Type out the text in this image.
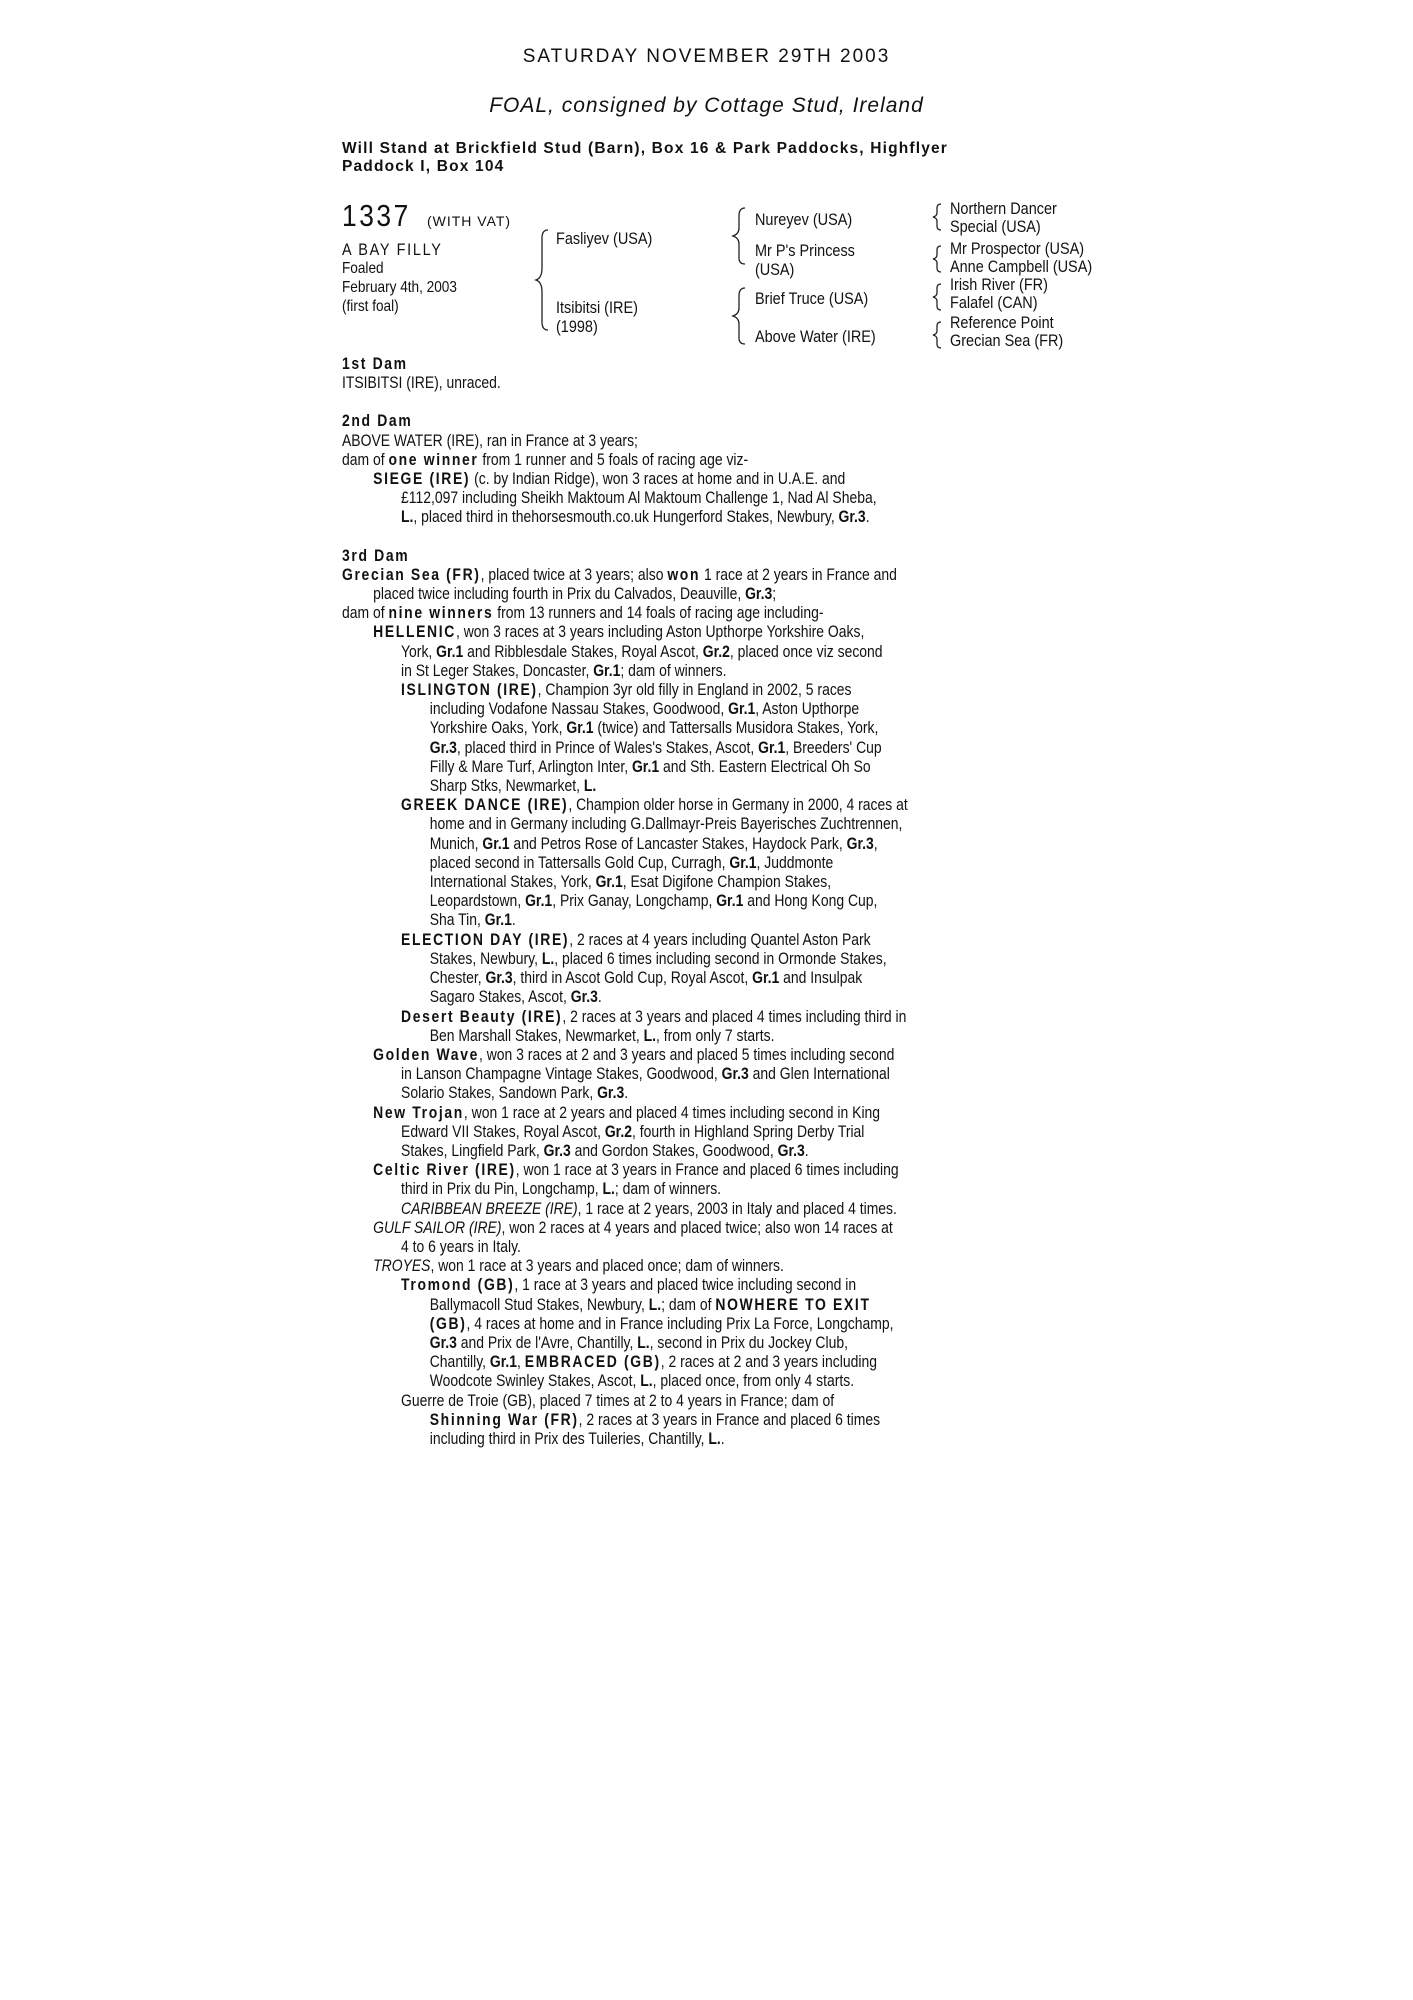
SATURDAY NOVEMBER 29TH 2003
FOAL, consigned by Cottage Stud, Ireland
Will Stand at Brickfield Stud (Barn), Box 16 & Park Paddocks, Highflyer
Paddock I, Box 104
1337 (WITH VAT)
A BAY FILLY
Foaled
February 4th, 2003
(first foal)
Fasliyev (USA)
Itsibitsi (IRE)
(1998)
Nureyev (USA)
Mr P's Princess
(USA)
Brief Truce (USA)
Above Water (IRE)
Northern Dancer
Special (USA)
Mr Prospector (USA)
Anne Campbell (USA)
Irish River (FR)
Falafel (CAN)
Reference Point
Grecian Sea (FR)
1st Dam
ITSIBITSI (IRE), unraced.
2nd Dam
ABOVE WATER (IRE), ran in France at 3 years;
dam of one winner from 1 runner and 5 foals of racing age viz-
SIEGE (IRE) (c. by Indian Ridge), won 3 races at home and in U.A.E. and
£112,097 including Sheikh Maktoum Al Maktoum Challenge 1, Nad Al Sheba,
L., placed third in thehorsesmouth.co.uk Hungerford Stakes, Newbury, Gr.3.
3rd Dam
Grecian Sea (FR), placed twice at 3 years; also won 1 race at 2 years in France and
placed twice including fourth in Prix du Calvados, Deauville, Gr.3;
dam of nine winners from 13 runners and 14 foals of racing age including-
HELLENIC, won 3 races at 3 years including Aston Upthorpe Yorkshire Oaks,
York, Gr.1 and Ribblesdale Stakes, Royal Ascot, Gr.2, placed once viz second
in St Leger Stakes, Doncaster, Gr.1; dam of winners.
ISLINGTON (IRE), Champion 3yr old filly in England in 2002, 5 races
including Vodafone Nassau Stakes, Goodwood, Gr.1, Aston Upthorpe
Yorkshire Oaks, York, Gr.1 (twice) and Tattersalls Musidora Stakes, York,
Gr.3, placed third in Prince of Wales's Stakes, Ascot, Gr.1, Breeders' Cup
Filly & Mare Turf, Arlington Inter, Gr.1 and Sth. Eastern Electrical Oh So
Sharp Stks, Newmarket, L.
GREEK DANCE (IRE), Champion older horse in Germany in 2000, 4 races at
home and in Germany including G.Dallmayr-Preis Bayerisches Zuchtrennen,
Munich, Gr.1 and Petros Rose of Lancaster Stakes, Haydock Park, Gr.3,
placed second in Tattersalls Gold Cup, Curragh, Gr.1, Juddmonte
International Stakes, York, Gr.1, Esat Digifone Champion Stakes,
Leopardstown, Gr.1, Prix Ganay, Longchamp, Gr.1 and Hong Kong Cup,
Sha Tin, Gr.1.
ELECTION DAY (IRE), 2 races at 4 years including Quantel Aston Park
Stakes, Newbury, L., placed 6 times including second in Ormonde Stakes,
Chester, Gr.3, third in Ascot Gold Cup, Royal Ascot, Gr.1 and Insulpak
Sagaro Stakes, Ascot, Gr.3.
Desert Beauty (IRE), 2 races at 3 years and placed 4 times including third in
Ben Marshall Stakes, Newmarket, L., from only 7 starts.
Golden Wave, won 3 races at 2 and 3 years and placed 5 times including second
in Lanson Champagne Vintage Stakes, Goodwood, Gr.3 and Glen International
Solario Stakes, Sandown Park, Gr.3.
New Trojan, won 1 race at 2 years and placed 4 times including second in King
Edward VII Stakes, Royal Ascot, Gr.2, fourth in Highland Spring Derby Trial
Stakes, Lingfield Park, Gr.3 and Gordon Stakes, Goodwood, Gr.3.
Celtic River (IRE), won 1 race at 3 years in France and placed 6 times including
third in Prix du Pin, Longchamp, L.; dam of winners.
CARIBBEAN BREEZE (IRE), 1 race at 2 years, 2003 in Italy and placed 4 times.
GULF SAILOR (IRE), won 2 races at 4 years and placed twice; also won 14 races at
4 to 6 years in Italy.
TROYES, won 1 race at 3 years and placed once; dam of winners.
Tromond (GB), 1 race at 3 years and placed twice including second in
Ballymacoll Stud Stakes, Newbury, L.; dam of NOWHERE TO EXIT
(GB), 4 races at home and in France including Prix La Force, Longchamp,
Gr.3 and Prix de l'Avre, Chantilly, L., second in Prix du Jockey Club,
Chantilly, Gr.1, EMBRACED (GB), 2 races at 2 and 3 years including
Woodcote Swinley Stakes, Ascot, L., placed once, from only 4 starts.
Guerre de Troie (GB), placed 7 times at 2 to 4 years in France; dam of
Shinning War (FR), 2 races at 3 years in France and placed 6 times
including third in Prix des Tuileries, Chantilly, L..
